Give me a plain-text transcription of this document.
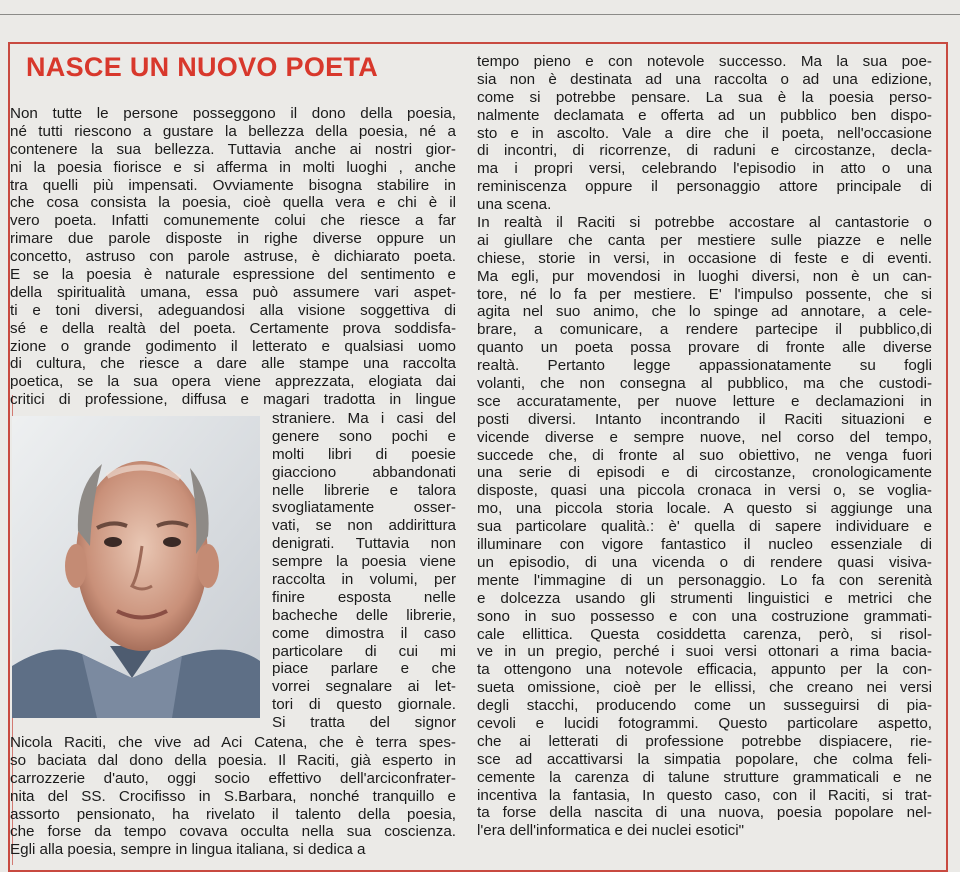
NASCE UN NUOVO POETA
Non tutte le persone posseggono il dono della poesia,
né tutti riescono a gustare la bellezza della poesia, né a
contenere la sua bellezza. Tuttavia anche ai nostri gior-
ni la poesia fiorisce e si afferma in molti luoghi , anche
tra quelli più impensati. Ovviamente bisogna stabilire in
che cosa consista la poesia, cioè quella vera e chi è il
vero poeta. Infatti comunemente colui che riesce a far
rimare due parole disposte in righe diverse oppure un
concetto, astruso con parole astruse, è dichiarato poeta.
E se la poesia è naturale espressione del sentimento e
della spiritualità umana, essa può assumere vari aspet-
ti e toni diversi, adeguandosi alla visione soggettiva di
sé e della realtà del poeta. Certamente prova soddisfa-
zione o grande godimento il letterato e qualsiasi uomo
di cultura, che riesce a dare alle stampe una raccolta
poetica, se la sua opera viene apprezzata, elogiata dai
critici di professione, diffusa e magari tradotta in lingue
straniere. Ma i casi del
genere sono pochi e
molti libri di poesie
giacciono abbandonati
nelle librerie e talora
svogliatamente osser-
vati, se non addirittura
denigrati. Tuttavia non
sempre la poesia viene
raccolta in volumi, per
finire esposta nelle
bacheche delle librerie,
come dimostra il caso
particolare di cui mi
piace parlare e che
vorrei segnalare ai let-
tori di questo giornale.
Si tratta del signor
Nicola Raciti, che vive ad Aci Catena, che è terra spes-
so baciata dal dono della poesia. Il Raciti, già esperto in
carrozzerie d'auto, oggi socio effettivo dell'arciconfrater-
nita del SS. Crocifisso in S.Barbara, nonché tranquillo e
assorto pensionato, ha rivelato il talento della poesia,
che forse da tempo covava occulta nella sua coscienza.
Egli alla poesia, sempre in lingua italiana, si dedica a
tempo pieno e con notevole successo. Ma la sua poe-
sia non è destinata ad una raccolta o ad una edizione,
come si potrebbe pensare. La sua è la poesia perso-
nalmente declamata e offerta ad un pubblico ben dispo-
sto e in ascolto. Vale a dire che il poeta, nell'occasione
di incontri, di ricorrenze, di raduni e circostanze, decla-
ma i propri versi, celebrando l'episodio in atto o una
reminiscenza oppure il personaggio attore principale di
una scena.
In realtà il Raciti si potrebbe accostare al cantastorie o
ai giullare che canta per mestiere sulle piazze e nelle
chiese, storie in versi, in occasione di feste e di eventi.
Ma egli, pur movendosi in luoghi diversi, non è un can-
tore, né lo fa per mestiere. E' l'impulso possente, che si
agita nel suo animo, che lo spinge ad annotare, a cele-
brare, a comunicare, a rendere partecipe il pubblico,di
quanto un poeta possa provare di fronte alle diverse
realtà. Pertanto legge appassionatamente su fogli
volanti, che non consegna al pubblico, ma che custodi-
sce accuratamente, per nuove letture e declamazioni in
posti diversi. Intanto incontrando il Raciti situazioni e
vicende diverse e sempre nuove, nel corso del tempo,
succede che, di fronte al suo obiettivo, ne venga fuori
una serie di episodi e di circostanze, cronologicamente
disposte, quasi una piccola cronaca in versi o, se voglia-
mo, una piccola storia locale. A questo si aggiunge una
sua particolare qualità.: è' quella di sapere individuare e
illuminare con vigore fantastico il nucleo essenziale di
un episodio, di una vicenda o di rendere quasi visiva-
mente l'immagine di un personaggio. Lo fa con serenità
e dolcezza usando gli strumenti linguistici e metrici che
sono in suo possesso e con una costruzione grammati-
cale ellittica. Questa cosiddetta carenza, però, si risol-
ve in un pregio, perché i suoi versi ottonari a rima bacia-
ta ottengono una notevole efficacia, appunto per la con-
sueta omissione, cioè per le ellissi, che creano nei versi
degli stacchi, producendo come un susseguirsi di pia-
cevoli e lucidi fotogrammi. Questo particolare aspetto,
che ai letterati di professione potrebbe dispiacere, rie-
sce ad accattivarsi la simpatia popolare, che colma feli-
cemente la carenza di talune strutture grammaticali e ne
incentiva la fantasia, In questo caso, con il Raciti, si trat-
ta forse della nascita di una nuova, poesia popolare nel-
l'era dell'informatica e dei nuclei esotici"
